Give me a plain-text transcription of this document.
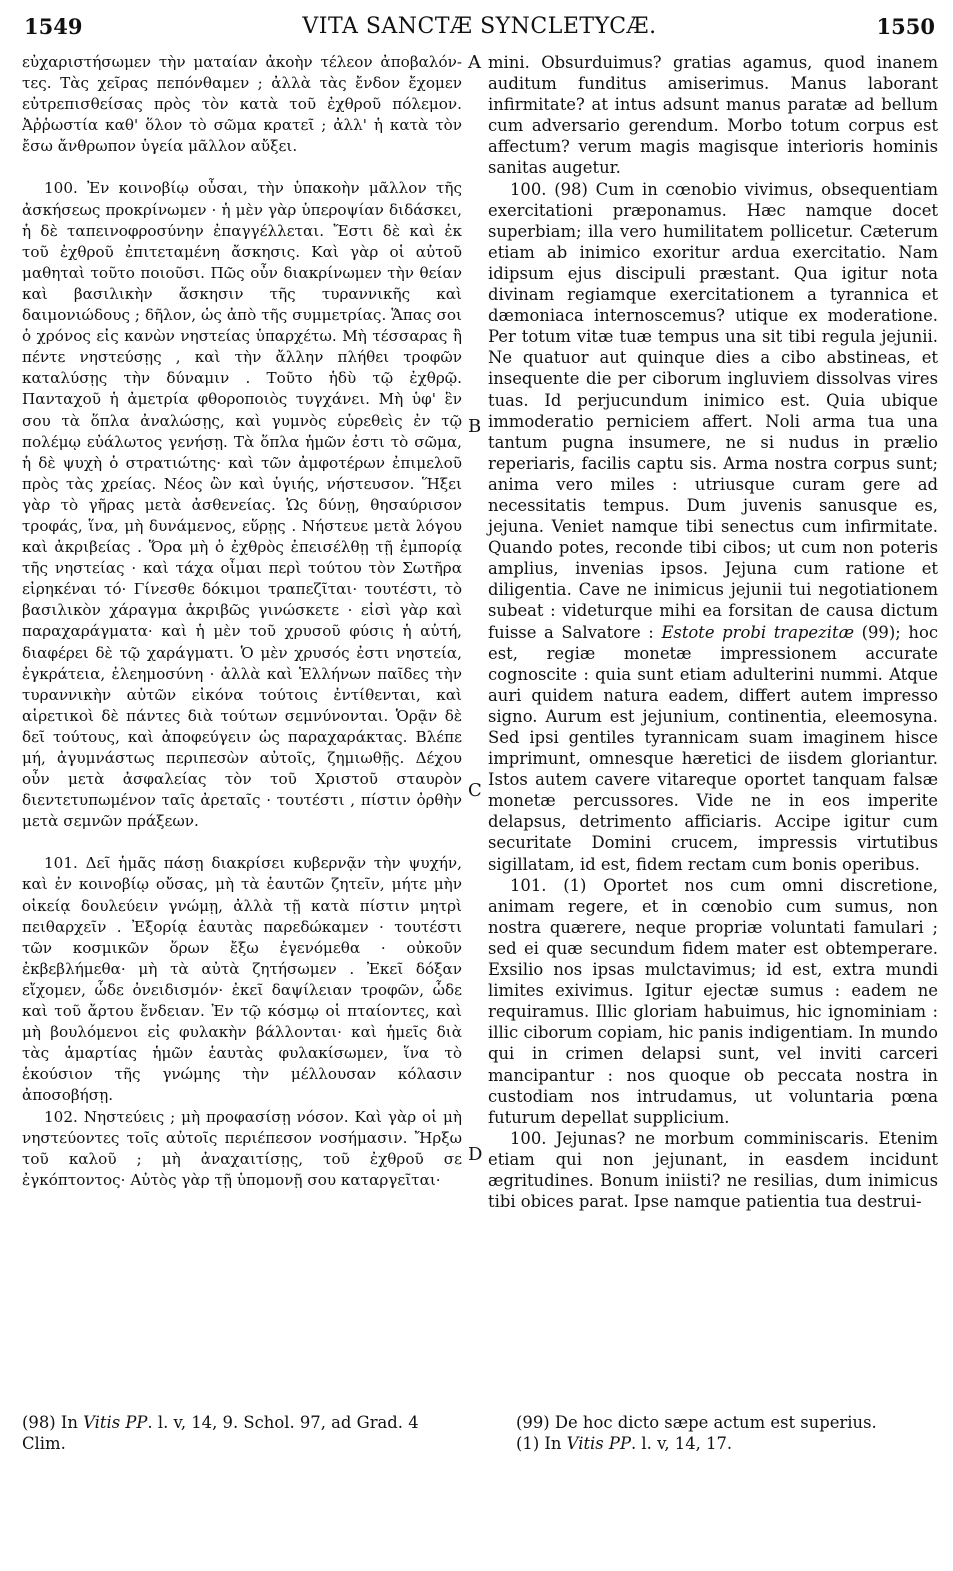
1549	VITA SANCTÆ SYNCLETYCÆ.	1550

εὐχαριστήσωμεν τὴν ματαίαν ἀκοὴν τέλεον ἀποβαλόν- τες. Τὰς χεῖρας πεπόνθαμεν ; ἀλλὰ τὰς ἔνδον ἔχομεν εὐτρεπισθείσας πρὸς τὸν κατὰ τοῦ ἐχθροῦ πόλεμον. Ἀῤῥωστία καθ' ὅλον τὸ σῶμα κρατεῖ ; ἀλλ' ἡ κατὰ τὸν ἔσω ἄνθρωπον ὑγεία μᾶλλον αὔξει.

100. Ἐν κοινοβίῳ οὖσαι, τὴν ὑπακοὴν μᾶλλον τῆς ἀσκήσεως προκρίνωμεν · ἡ μὲν γὰρ ὑπεροψίαν διδάσκει, ἡ δὲ ταπεινοφροσύνην ἐπαγγέλλεται. Ἔστι δὲ καὶ ἐκ τοῦ ἐχθροῦ ἐπιτεταμένη ἄσκησις. Καὶ γὰρ οἱ αὐτοῦ μαθηταὶ τοῦτο ποιοῦσι. Πῶς οὖν διακρίνωμεν τὴν θείαν καὶ βασιλικὴν ἄσκησιν τῆς τυραννικῆς καὶ δαιμονιώδους ; δῆλον, ὡς ἀπὸ τῆς συμμετρίας. Ἅπας σοι ὁ χρόνος εἰς κανὼν νηστείας ὑπαρχέτω. Μὴ τέσσαρας ἢ πέντε νηστεύσῃς , καὶ τὴν ἄλλην πλήθει τροφῶν καταλύσῃς τὴν δύναμιν . Τοῦτο ἡδὺ τῷ ἐχθρῷ. Πανταχοῦ ἡ ἀμετρία φθοροποιὸς τυγχάνει. Μὴ ὑφ' ἓν σου τὰ ὅπλα ἀναλώσῃς, καὶ γυμνὸς εὑρεθεὶς ἐν τῷ πολέμῳ εὐάλωτος γενήσῃ. Τὰ ὅπλα ἡμῶν ἐστι τὸ σῶμα, ἡ δὲ ψυχὴ ὁ στρατιώτης· καὶ τῶν ἀμφοτέρων ἐπιμελοῦ πρὸς τὰς χρείας. Νέος ὢν καὶ ὑγιής, νήστευσον. Ἥξει γὰρ τὸ γῆρας μετὰ ἀσθενείας. Ὡς δύνῃ, θησαύρισον τροφάς, ἵνα, μὴ δυνάμενος, εὕρῃς . Νήστευε μετὰ λόγου καὶ ἀκριβείας . Ὅρα μὴ ὁ ἐχθρὸς ἐπεισέλθῃ τῇ ἐμπορίᾳ τῆς νηστείας · καὶ τάχα οἶμαι περὶ τούτου τὸν Σωτῆρα εἰρηκέναι τό· Γίνεσθε δόκιμοι τραπεζῖται· τουτέστι, τὸ βασιλικὸν χάραγμα ἀκριβῶς γινώσκετε · εἰσὶ γὰρ καὶ παραχαράγματα· καὶ ἡ μὲν τοῦ χρυσοῦ φύσις ἡ αὐτή, διαφέρει δὲ τῷ χαράγματι. Ὁ μὲν χρυσός ἐστι νηστεία, ἐγκράτεια, ἐλεημοσύνη · ἀλλὰ καὶ Ἑλλήνων παῖδες τὴν τυραννικὴν αὐτῶν εἰκόνα τούτοις ἐντίθενται, καὶ αἱρετικοὶ δὲ πάντες διὰ τούτων σεμνύνονται. Ὁρᾷν δὲ δεῖ τούτους, καὶ ἀποφεύγειν ὡς παραχαράκτας. Βλέπε μή, ἀγυμνάστως περιπεσὼν αὐτοῖς, ζημιωθῇς. Δέχου οὖν μετὰ ἀσφαλείας τὸν τοῦ Χριστοῦ σταυρὸν διεντετυπωμένον ταῖς ἀρεταῖς · τουτέστι , πίστιν ὀρθὴν μετὰ σεμνῶν πράξεων.

101. Δεῖ ἡμᾶς πάσῃ διακρίσει κυβερνᾷν τὴν ψυχήν, καὶ ἐν κοινοβίῳ οὔσας, μὴ τὰ ἑαυτῶν ζητεῖν, μήτε μὴν οἰκείᾳ δουλεύειν γνώμῃ, ἀλλὰ τῇ κατὰ πίστιν μητρὶ πειθαρχεῖν . Ἐξορίᾳ ἑαυτὰς παρεδώκαμεν · τουτέστι τῶν κοσμικῶν ὅρων ἔξω ἐγενόμεθα · οὐκοῦν ἐκβεβλήμεθα· μὴ τὰ αὐτὰ ζητήσωμεν . Ἐκεῖ δόξαν εἴχομεν, ὧδε ὀνειδισμόν· ἐκεῖ δαψίλειαν τροφῶν, ὧδε καὶ τοῦ ἄρτου ἔνδειαν. Ἐν τῷ κόσμῳ οἱ πταίοντες, καὶ μὴ βουλόμενοι εἰς φυλακὴν βάλλονται· καὶ ἡμεῖς διὰ τὰς ἁμαρτίας ἡμῶν ἑαυτὰς φυλακίσωμεν, ἵνα τὸ ἑκούσιον τῆς γνώμης τὴν μέλλουσαν κόλασιν ἀποσοβήσῃ.

102. Νηστεύεις ; μὴ προφασίσῃ νόσον. Καὶ γὰρ οἱ μὴ νηστεύοντες τοῖς αὐτοῖς περιέπεσον νοσήμασιν. Ἤρξω τοῦ καλοῦ ; μὴ ἀναχαιτίσῃς, τοῦ ἐχθροῦ σε ἐγκόπτοντος· Αὐτὸς γὰρ τῇ ὑπομονῇ σου καταργεῖται·

A
B
C
D

mini. Obsurduimus? gratias agamus, quod inanem auditum funditus amiserimus. Manus laborant infirmitate? at intus adsunt manus paratæ ad bellum cum adversario gerendum. Morbo totum corpus est affectum? verum magis magisque interioris hominis sanitas augetur.

100. (98) Cum in cœnobio vivimus, obsequentiam exercitationi præponamus. Hæc namque docet superbiam; illa vero humilitatem pollicetur. Cæterum etiam ab inimico exoritur ardua exercitatio. Nam idipsum ejus discipuli præstant. Qua igitur nota divinam regiamque exercitationem a tyrannica et dæmoniaca internoscemus? utique ex moderatione. Per totum vitæ tuæ tempus una sit tibi regula jejunii. Ne quatuor aut quinque dies a cibo abstineas, et insequente die per ciborum ingluviem dissolvas vires tuas. Id perjucundum inimico est. Quia ubique immoderatio perniciem affert. Noli arma tua una tantum pugna insumere, ne si nudus in prælio reperiaris, facilis captu sis. Arma nostra corpus sunt; anima vero miles : utriusque curam gere ad necessitatis tempus. Dum juvenis sanusque es, jejuna. Veniet namque tibi senectus cum infirmitate. Quando potes, reconde tibi cibos; ut cum non poteris amplius, invenias ipsos. Jejuna cum ratione et diligentia. Cave ne inimicus jejunii tui negotiationem subeat : videturque mihi ea forsitan de causa dictum fuisse a Salvatore : Estote probi trapezitæ (99); hoc est, regiæ monetæ impressionem accurate cognoscite : quia sunt etiam adulterini nummi. Atque auri quidem natura eadem, differt autem impresso signo. Aurum est jejunium, continentia, eleemosyna. Sed ipsi gentiles tyrannicam suam imaginem hisce imprimunt, omnesque hæretici de iisdem gloriantur. Istos autem cavere vitareque oportet tanquam falsæ monetæ percussores. Vide ne in eos imperite delapsus, detrimento afficiaris. Accipe igitur cum securitate Domini crucem, impressis virtutibus sigillatam, id est, fidem rectam cum bonis operibus.

101. (1) Oportet nos cum omni discretione, animam regere, et in cœnobio cum sumus, non nostra quærere, neque propriæ voluntati famulari ; sed ei quæ secundum fidem mater est obtemperare. Exsilio nos ipsas mulctavimus; id est, extra mundi limites exivimus. Igitur ejectæ sumus : eadem ne requiramus. Illic gloriam habuimus, hic ignominiam : illic ciborum copiam, hic panis indigentiam. In mundo qui in crimen delapsi sunt, vel inviti carceri mancipantur : nos quoque ob peccata nostra in custodiam nos intrudamus, ut voluntaria pœna futurum depellat supplicium.

100. Jejunas? ne morbum comminiscaris. Etenim etiam qui non jejunant, in easdem incidunt ægritudines. Bonum iniisti? ne resilias, dum inimicus tibi obices parat. Ipse namque patientia tua destrui-

(98) In Vitis PP. l. v, 14, 9. Schol. 97, ad Grad. 4 Clim.

(99) De hoc dicto sæpe actum est superius.

(1) In Vitis PP. l. v, 14, 17.
